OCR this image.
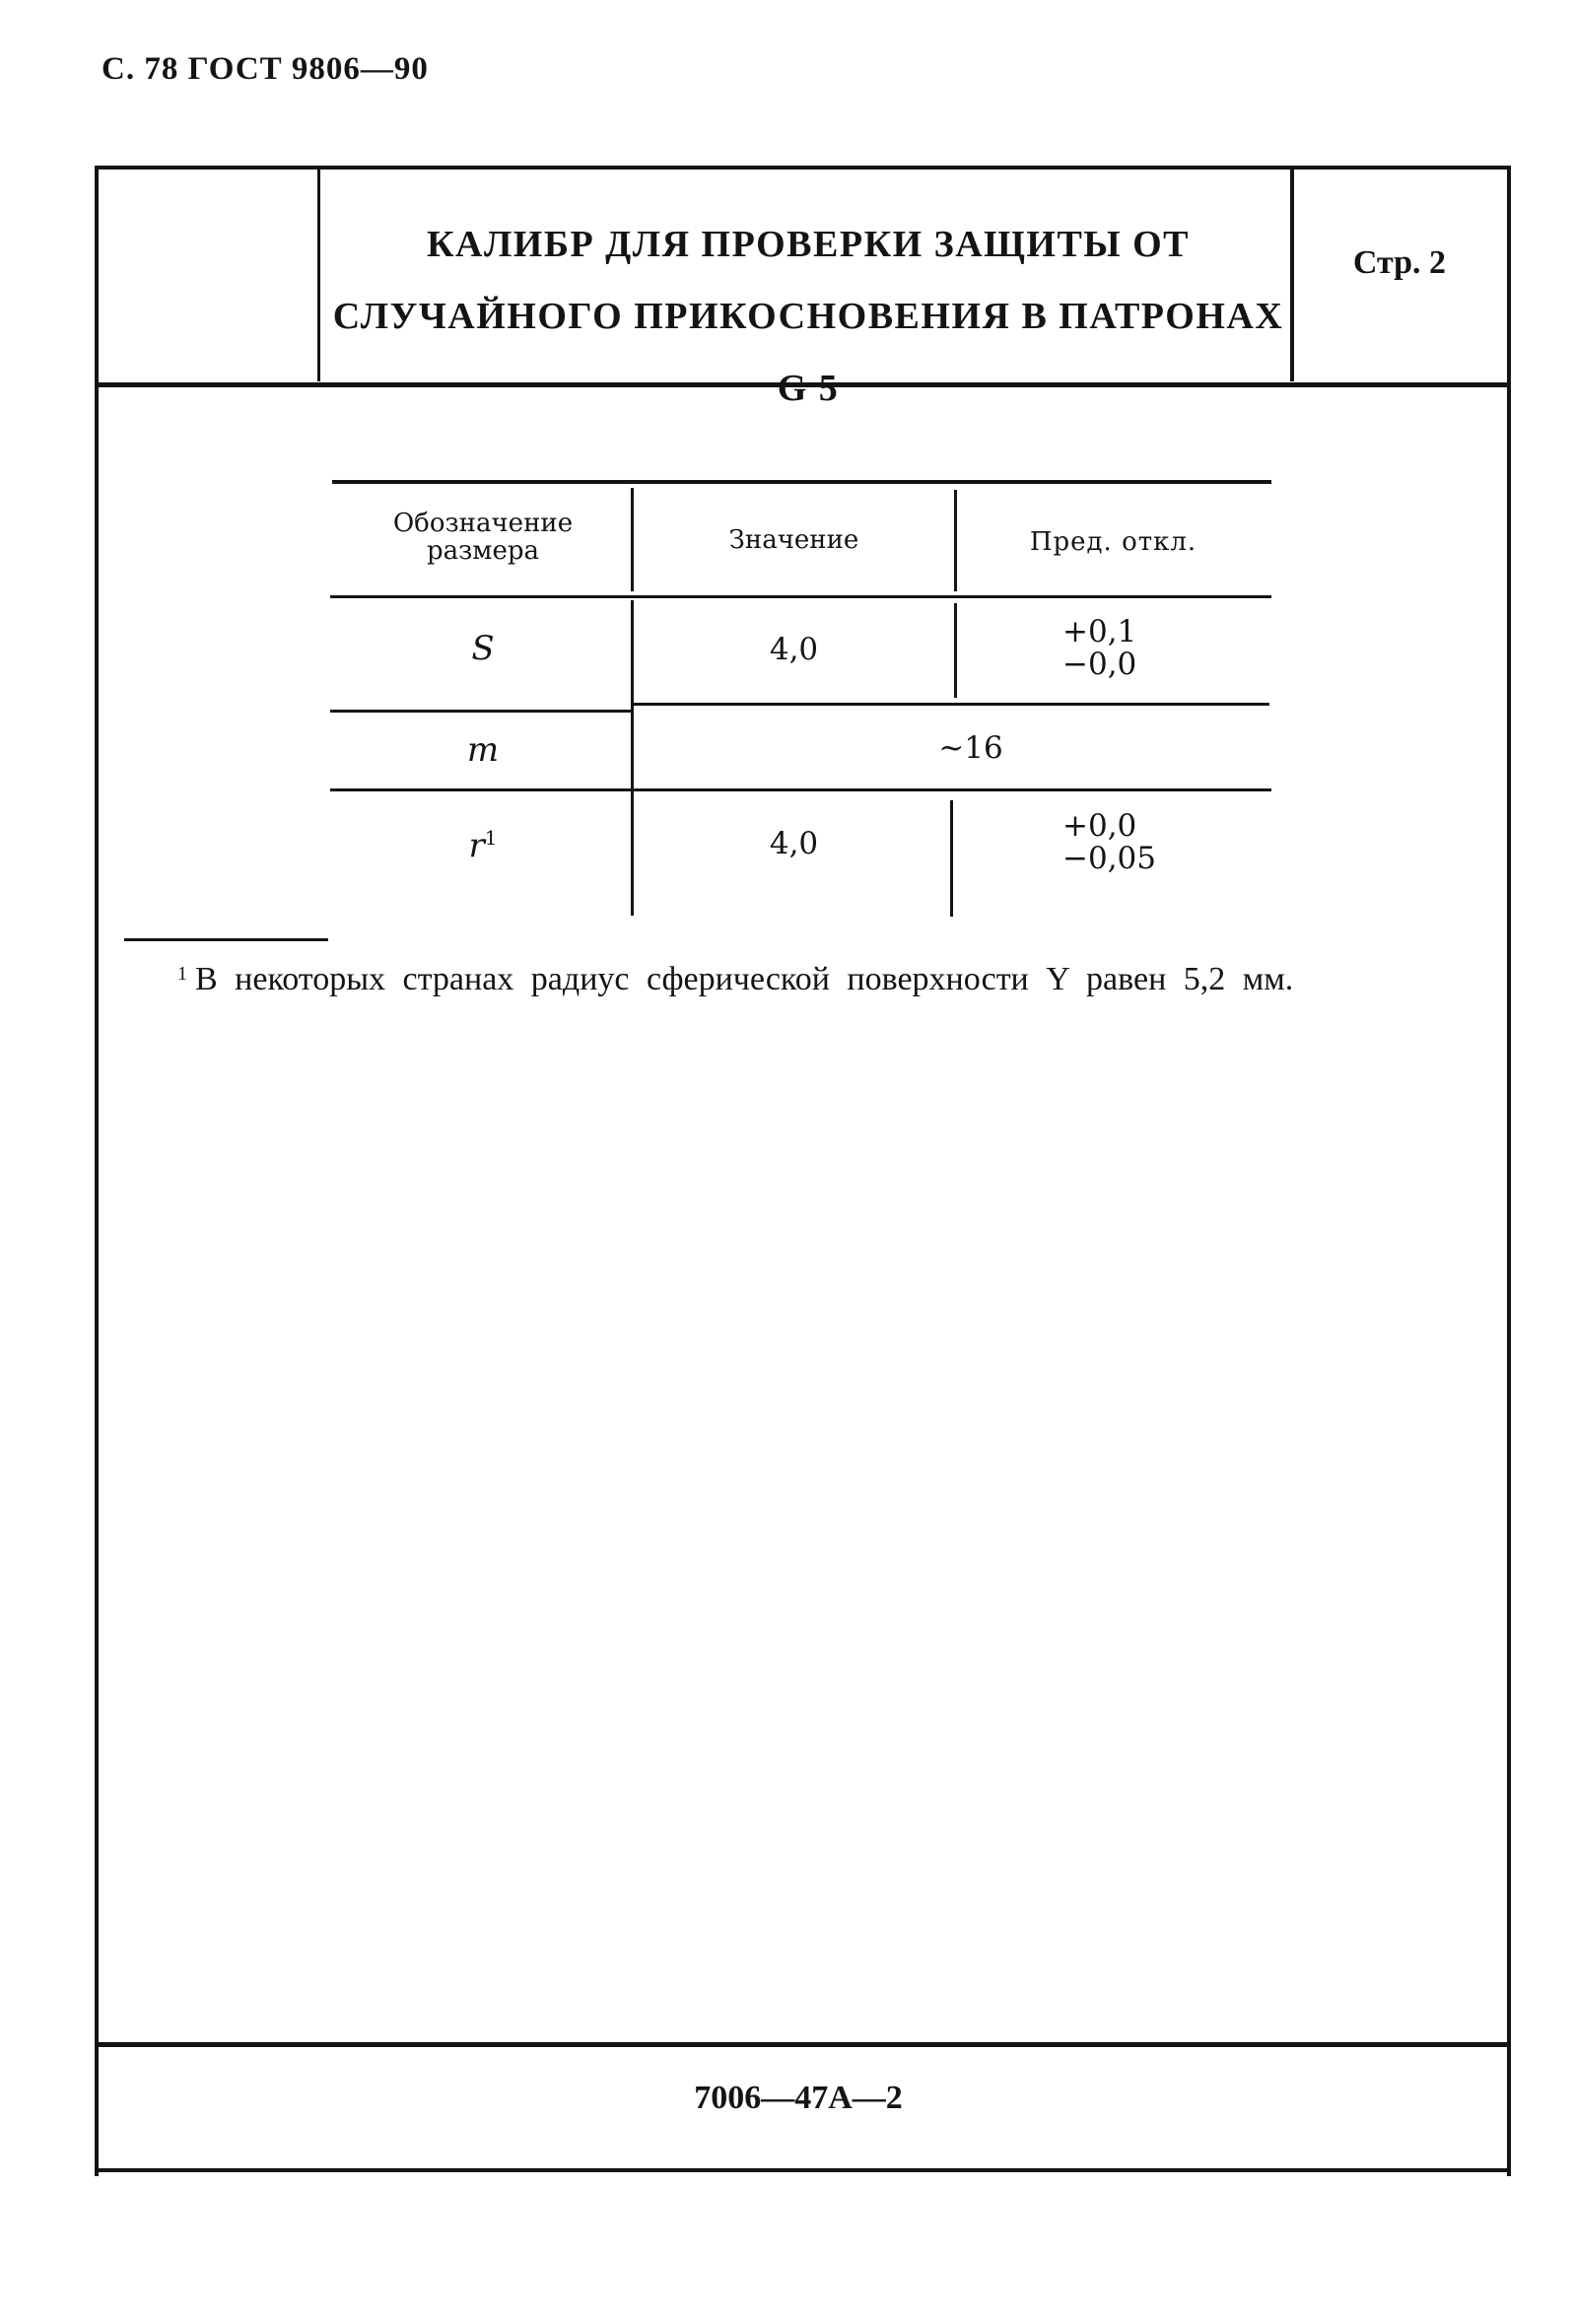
С. 78 ГОСТ 9806—90
КАЛИБР ДЛЯ ПРОВЕРКИ ЗАЩИТЫ ОТ
СЛУЧАЙНОГО ПРИКОСНОВЕНИЯ В ПАТРОНАХ G 5
Стр. 2
Обозначение
размера	Значение	Пред. откл.
S	4,0	+0,1
−0,0
m	~16
$r^1$	4,0	+0,0
−0,05
$^1$ В некоторых странах радиус сферической поверхности Y равен 5,2 мм.
7006—47А—2
